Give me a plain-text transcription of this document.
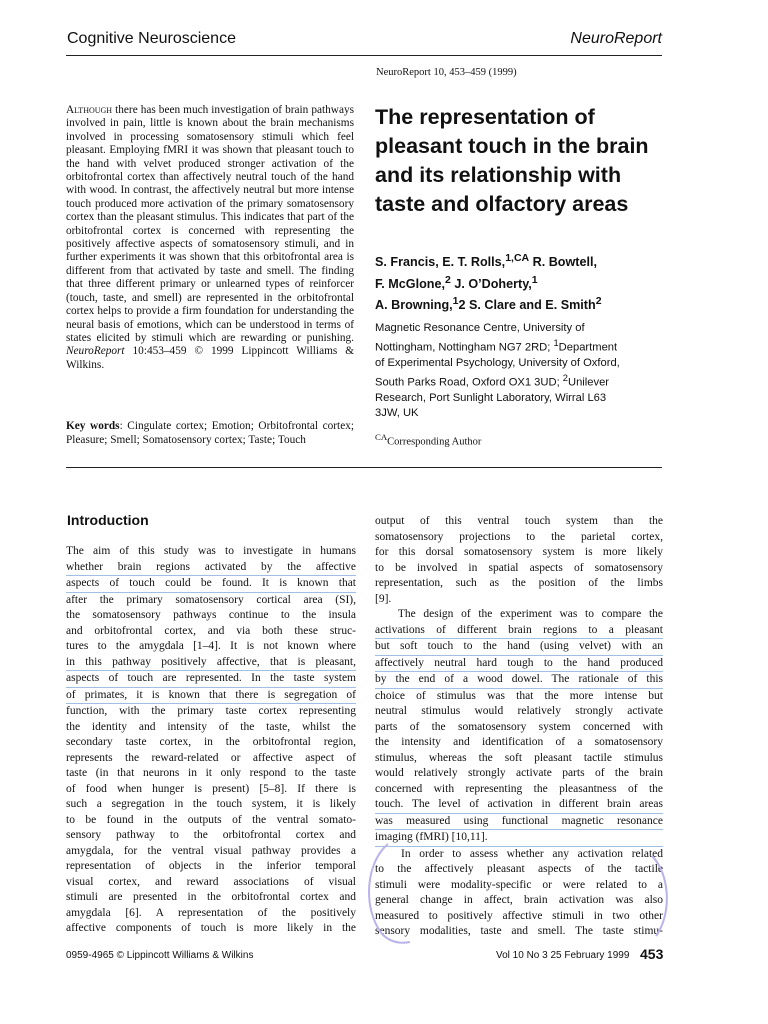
Cognitive Neuroscience	NeuroReport
NeuroReport 10, 453–459 (1999)
Although there has been much investigation of brain pathways involved in pain, little is known about the brain mechanisms involved in processing somatosensory stimuli which feel pleasant. Employing fMRI it was shown that pleasant touch to the hand with velvet produced stronger activation of the orbitofrontal cortex than affectively neutral touch of the hand with wood. In contrast, the affectively neutral but more intense touch produced more activation of the primary somatosensory cortex than the pleasant stimulus. This indicates that part of the orbitofrontal cortex is concerned with representing the positively affective aspects of somatosensory stimuli, and in further experiments it was shown that this orbitofrontal area is different from that activated by taste and smell. The finding that three different primary or unlearned types of reinforcer (touch, taste, and smell) are represented in the orbitofrontal cortex helps to provide a firm foundation for understanding the neural basis of emotions, which can be understood in terms of states elicited by stimuli which are rewarding or punishing. NeuroReport 10:453–459 © 1999 Lippincott Williams & Wilkins.
Key words: Cingulate cortex; Emotion; Orbitofrontal cortex; Pleasure; Smell; Somatosensory cortex; Taste; Touch
The representation of pleasant touch in the brain and its relationship with taste and olfactory areas
S. Francis, E. T. Rolls,$^{1,CA}$ R. Bowtell,
F. McGlone,$^2$ J. O’Doherty,$^1$
A. Browning,$^1$2 S. Clare and E. Smith$^2$
Magnetic Resonance Centre, University of
Nottingham, Nottingham NG7 2RD; $^1$Department
of Experimental Psychology, University of Oxford,
South Parks Road, Oxford OX1 3UD; $^2$Unilever
Research, Port Sunlight Laboratory, Wirral L63
3JW, UK
$^{CA}$Corresponding Author
Introduction
The aim of this study was to investigate in humans
whether brain regions activated by the affective
aspects of touch could be found. It is known that
after the primary somatosensory cortical area (SI),
the somatosensory pathways continue to the insula
and orbitofrontal cortex, and via both these struc-
tures to the amygdala [1–4]. It is not known where
in this pathway positively affective, that is pleasant,
aspects of touch are represented. In the taste system
of primates, it is known that there is segregation of
function, with the primary taste cortex representing
the identity and intensity of the taste, whilst the
secondary taste cortex, in the orbitofrontal region,
represents the reward-related or affective aspect of
taste (in that neurons in it only respond to the taste
of food when hunger is present) [5–8]. If there is
such a segregation in the touch system, it is likely
to be found in the outputs of the ventral somato-
sensory pathway to the orbitofrontal cortex and
amygdala, for the ventral visual pathway provides a
representation of objects in the inferior temporal
visual cortex, and reward associations of visual
stimuli are presented in the orbitofrontal cortex and
amygdala [6]. A representation of the positively
affective components of touch is more likely in the
output of this ventral touch system than the
somatosensory projections to the parietal cortex,
for this dorsal somatosensory system is more likely
to be involved in spatial aspects of somatosensory
representation, such as the position of the limbs
[9].
The design of the experiment was to compare the
activations of different brain regions to a pleasant
but soft touch to the hand (using velvet) with an
affectively neutral hard tough to the hand produced
by the end of a wood dowel. The rationale of this
choice of stimulus was that the more intense but
neutral stimulus would relatively strongly activate
parts of the somatosensory system concerned with
the intensity and identification of a somatosensory
stimulus, whereas the soft pleasant tactile stimulus
would relatively strongly activate parts of the brain
concerned with representing the pleasantness of the
touch. The level of activation in different brain areas
was measured using functional magnetic resonance
imaging (fMRI) [10,11].
In order to assess whether any activation related
to the affectively pleasant aspects of the tactile
stimuli were modality-specific or were related to a
general change in affect, brain activation was also
measured to positively affective stimuli in two other
sensory modalities, taste and smell. The taste stimu-
0959-4965 © Lippincott Williams & Wilkins	Vol 10 No 3 25 February 1999 453
